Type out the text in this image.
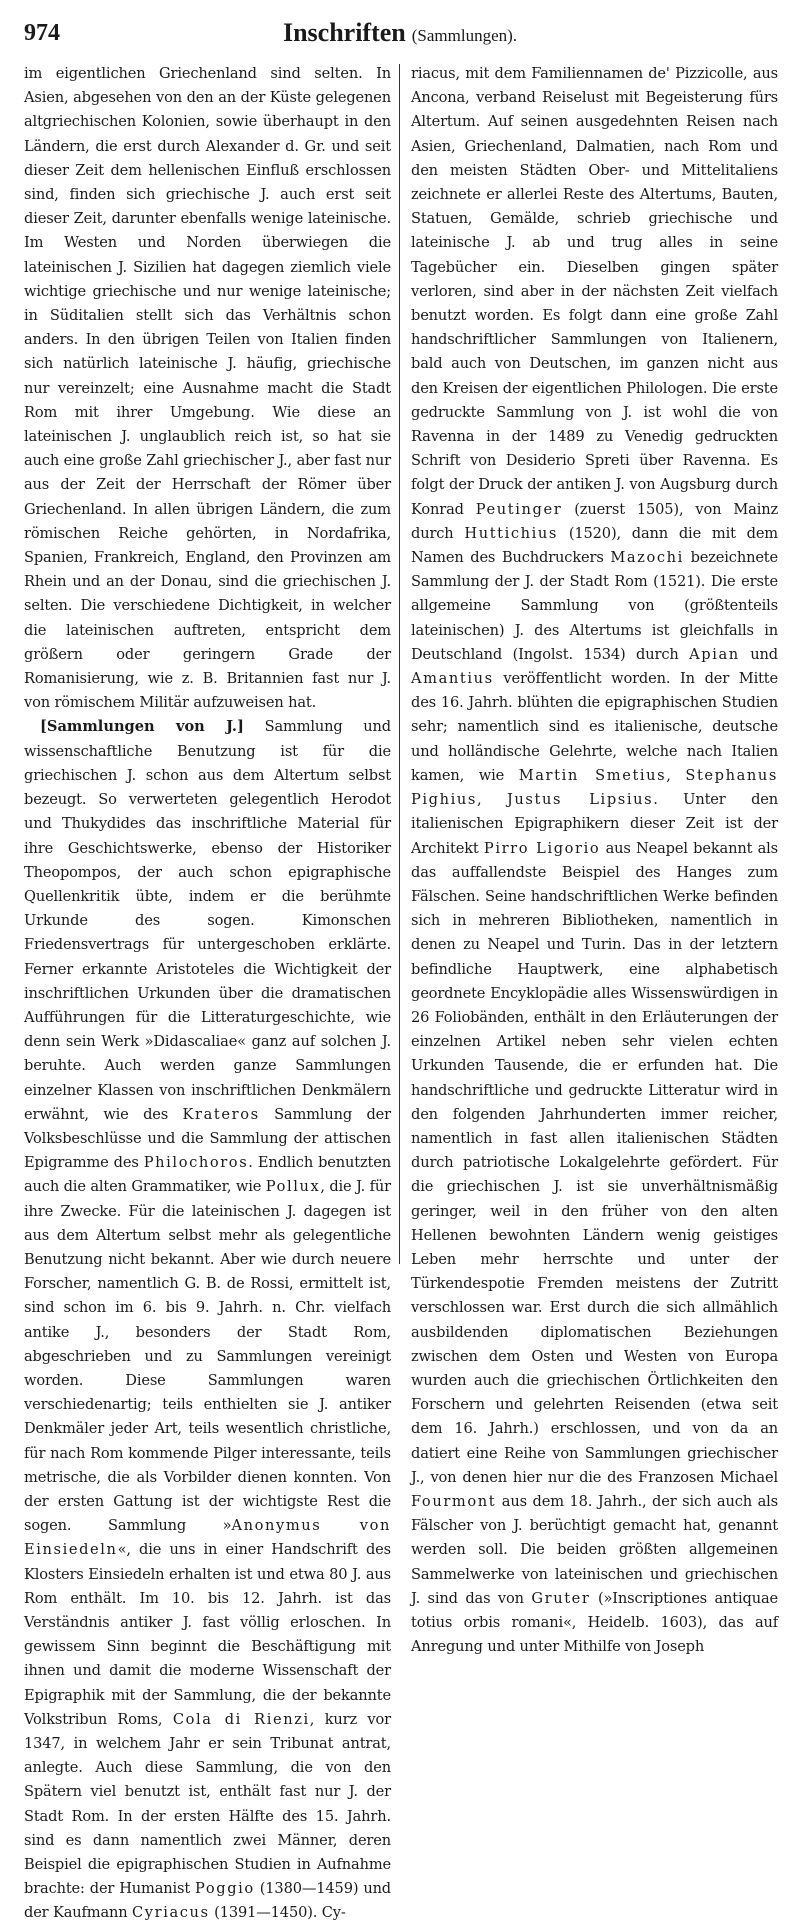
974	Inschriften (Sammlungen).

im eigentlichen Griechenland sind selten. In Asien, abgesehen von den an der Küste gelegenen altgriechischen Kolonien, sowie überhaupt in den Ländern, die erst durch Alexander d. Gr. und seit dieser Zeit dem hellenischen Einfluß erschlossen sind, finden sich griechische J. auch erst seit dieser Zeit, darunter ebenfalls wenige lateinische. Im Westen und Norden überwiegen die lateinischen J. Sizilien hat dagegen ziemlich viele wichtige griechische und nur wenige lateinische; in Süditalien stellt sich das Verhältnis schon anders. In den übrigen Teilen von Italien finden sich natürlich lateinische J. häufig, griechische nur vereinzelt; eine Ausnahme macht die Stadt Rom mit ihrer Umgebung. Wie diese an lateinischen J. unglaublich reich ist, so hat sie auch eine große Zahl griechischer J., aber fast nur aus der Zeit der Herrschaft der Römer über Griechenland. In allen übrigen Ländern, die zum römischen Reiche gehörten, in Nordafrika, Spanien, Frankreich, England, den Provinzen am Rhein und an der Donau, sind die griechischen J. selten. Die verschiedene Dichtigkeit, in welcher die lateinischen auftreten, entspricht dem größern oder geringern Grade der Romanisierung, wie z. B. Britannien fast nur J. von römischem Militär aufzuweisen hat.

[Sammlungen von J.] Sammlung und wissenschaftliche Benutzung ist für die griechischen J. schon aus dem Altertum selbst bezeugt. So verwerteten gelegentlich Herodot und Thukydides das inschriftliche Material für ihre Geschichtswerke, ebenso der Historiker Theopompos, der auch schon epigraphische Quellenkritik übte, indem er die berühmte Urkunde des sogen. Kimonschen Friedensvertrags für untergeschoben erklärte. Ferner erkannte Aristoteles die Wichtigkeit der inschriftlichen Urkunden über die dramatischen Aufführungen für die Litteraturgeschichte, wie denn sein Werk »Didascaliae« ganz auf solchen J. beruhte. Auch werden ganze Sammlungen einzelner Klassen von inschriftlichen Denkmälern erwähnt, wie des Krateros Sammlung der Volksbeschlüsse und die Sammlung der attischen Epigramme des Philochoros. Endlich benutzten auch die alten Grammatiker, wie Pollux, die J. für ihre Zwecke. Für die lateinischen J. dagegen ist aus dem Altertum selbst mehr als gelegentliche Benutzung nicht bekannt. Aber wie durch neuere Forscher, namentlich G. B. de Rossi, ermittelt ist, sind schon im 6. bis 9. Jahrh. n. Chr. vielfach antike J., besonders der Stadt Rom, abgeschrieben und zu Sammlungen vereinigt worden. Diese Sammlungen waren verschiedenartig; teils enthielten sie J. antiker Denkmäler jeder Art, teils wesentlich christliche, für nach Rom kommende Pilger interessante, teils metrische, die als Vorbilder dienen konnten. Von der ersten Gattung ist der wichtigste Rest die sogen. Sammlung »Anonymus von Einsiedeln«, die uns in einer Handschrift des Klosters Einsiedeln erhalten ist und etwa 80 J. aus Rom enthält. Im 10. bis 12. Jahrh. ist das Verständnis antiker J. fast völlig erloschen. In gewissem Sinn beginnt die Beschäftigung mit ihnen und damit die moderne Wissenschaft der Epigraphik mit der Sammlung, die der bekannte Volkstribun Roms, Cola di Rienzi, kurz vor 1347, in welchem Jahr er sein Tribunat antrat, anlegte. Auch diese Sammlung, die von den Spätern viel benutzt ist, enthält fast nur J. der Stadt Rom. In der ersten Hälfte des 15. Jahrh. sind es dann namentlich zwei Männer, deren Beispiel die epigraphischen Studien in Aufnahme brachte: der Humanist Poggio (1380—1459) und der Kaufmann Cyriacus (1391—1450). Cy-

riacus, mit dem Familiennamen de' Pizzicolle, aus Ancona, verband Reiselust mit Begeisterung fürs Altertum. Auf seinen ausgedehnten Reisen nach Asien, Griechenland, Dalmatien, nach Rom und den meisten Städten Ober- und Mittelitaliens zeichnete er allerlei Reste des Altertums, Bauten, Statuen, Gemälde, schrieb griechische und lateinische J. ab und trug alles in seine Tagebücher ein. Dieselben gingen später verloren, sind aber in der nächsten Zeit vielfach benutzt worden. Es folgt dann eine große Zahl handschriftlicher Sammlungen von Italienern, bald auch von Deutschen, im ganzen nicht aus den Kreisen der eigentlichen Philologen. Die erste gedruckte Sammlung von J. ist wohl die von Ravenna in der 1489 zu Venedig gedruckten Schrift von Desiderio Spreti über Ravenna. Es folgt der Druck der antiken J. von Augsburg durch Konrad Peutinger (zuerst 1505), von Mainz durch Huttichius (1520), dann die mit dem Namen des Buchdruckers Mazochi bezeichnete Sammlung der J. der Stadt Rom (1521). Die erste allgemeine Sammlung von (größtenteils lateinischen) J. des Altertums ist gleichfalls in Deutschland (Ingolst. 1534) durch Apian und Amantius veröffentlicht worden. In der Mitte des 16. Jahrh. blühten die epigraphischen Studien sehr; namentlich sind es italienische, deutsche und holländische Gelehrte, welche nach Italien kamen, wie Martin Smetius, Stephanus Pighius, Justus Lipsius. Unter den italienischen Epigraphikern dieser Zeit ist der Architekt Pirro Ligorio aus Neapel bekannt als das auffallendste Beispiel des Hanges zum Fälschen. Seine handschriftlichen Werke befinden sich in mehreren Bibliotheken, namentlich in denen zu Neapel und Turin. Das in der letztern befindliche Hauptwerk, eine alphabetisch geordnete Encyklopädie alles Wissenswürdigen in 26 Foliobänden, enthält in den Erläuterungen der einzelnen Artikel neben sehr vielen echten Urkunden Tausende, die er erfunden hat. Die handschriftliche und gedruckte Litteratur wird in den folgenden Jahrhunderten immer reicher, namentlich in fast allen italienischen Städten durch patriotische Lokalgelehrte gefördert. Für die griechischen J. ist sie unverhältnismäßig geringer, weil in den früher von den alten Hellenen bewohnten Ländern wenig geistiges Leben mehr herrschte und unter der Türkendespotie Fremden meistens der Zutritt verschlossen war. Erst durch die sich allmählich ausbildenden diplomatischen Beziehungen zwischen dem Osten und Westen von Europa wurden auch die griechischen Örtlichkeiten den Forschern und gelehrten Reisenden (etwa seit dem 16. Jahrh.) erschlossen, und von da an datiert eine Reihe von Sammlungen griechischer J., von denen hier nur die des Franzosen Michael Fourmont aus dem 18. Jahrh., der sich auch als Fälscher von J. berüchtigt gemacht hat, genannt werden soll. Die beiden größten allgemeinen Sammelwerke von lateinischen und griechischen J. sind das von Gruter (»Inscriptiones antiquae totius orbis romani«, Heidelb. 1603), das auf Anregung und unter Mithilfe von Joseph
